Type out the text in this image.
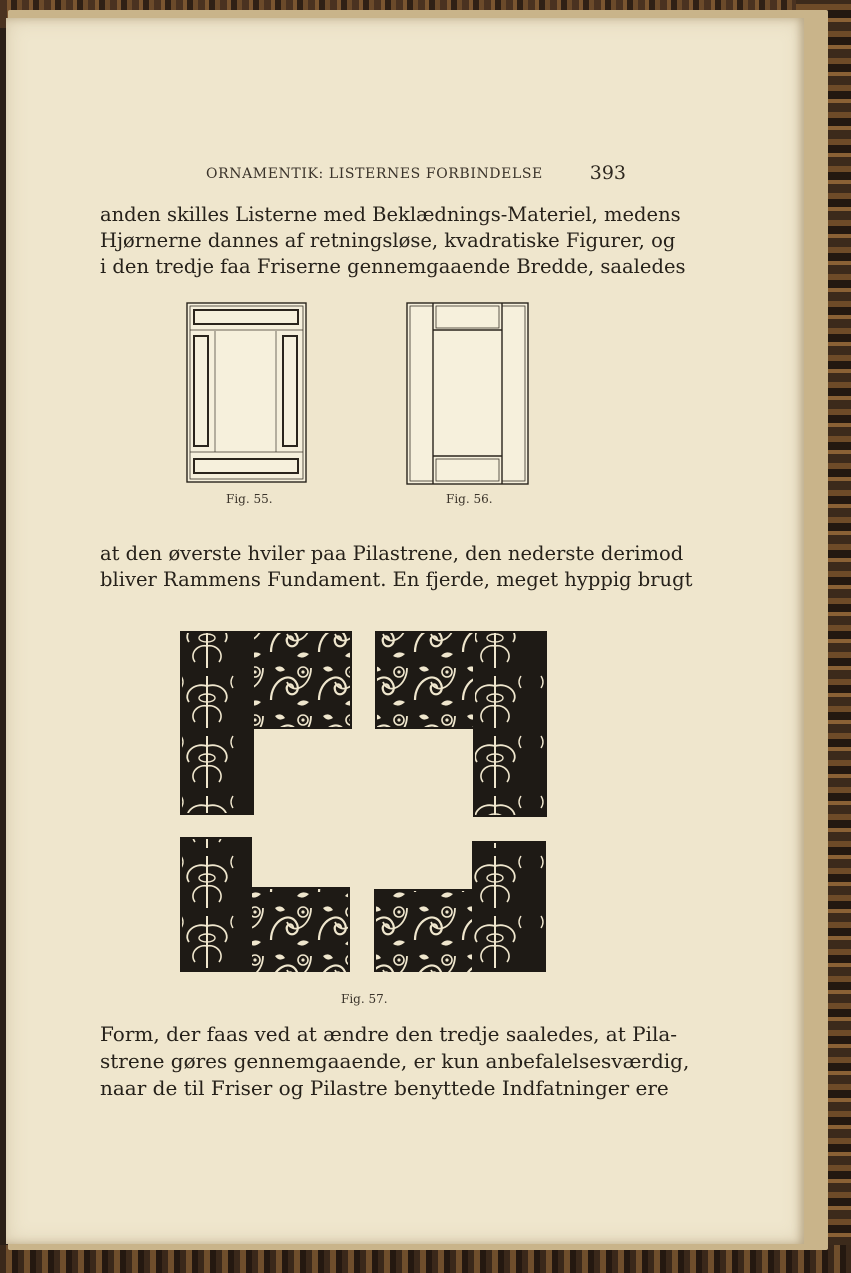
ORNAMENTIK: LISTERNES FORBINDELSE 393
anden skilles Listerne med Beklædnings-Materiel, medens
Hjørnerne dannes af retningsløse, kvadratiske Figurer, og
i den tredje faa Friserne gennemgaaende Bredde, saaledes
Fig. 55.	Fig. 56.
at den øverste hviler paa Pilastrene, den nederste derimod
bliver Rammens Fundament. En fjerde, meget hyppig brugt
Fig. 57.
Form, der faas ved at ændre den tredje saaledes, at Pila-
strene gøres gennemgaaende, er kun anbefalelsesværdig,
naar de til Friser og Pilastre benyttede Indfatninger ere
